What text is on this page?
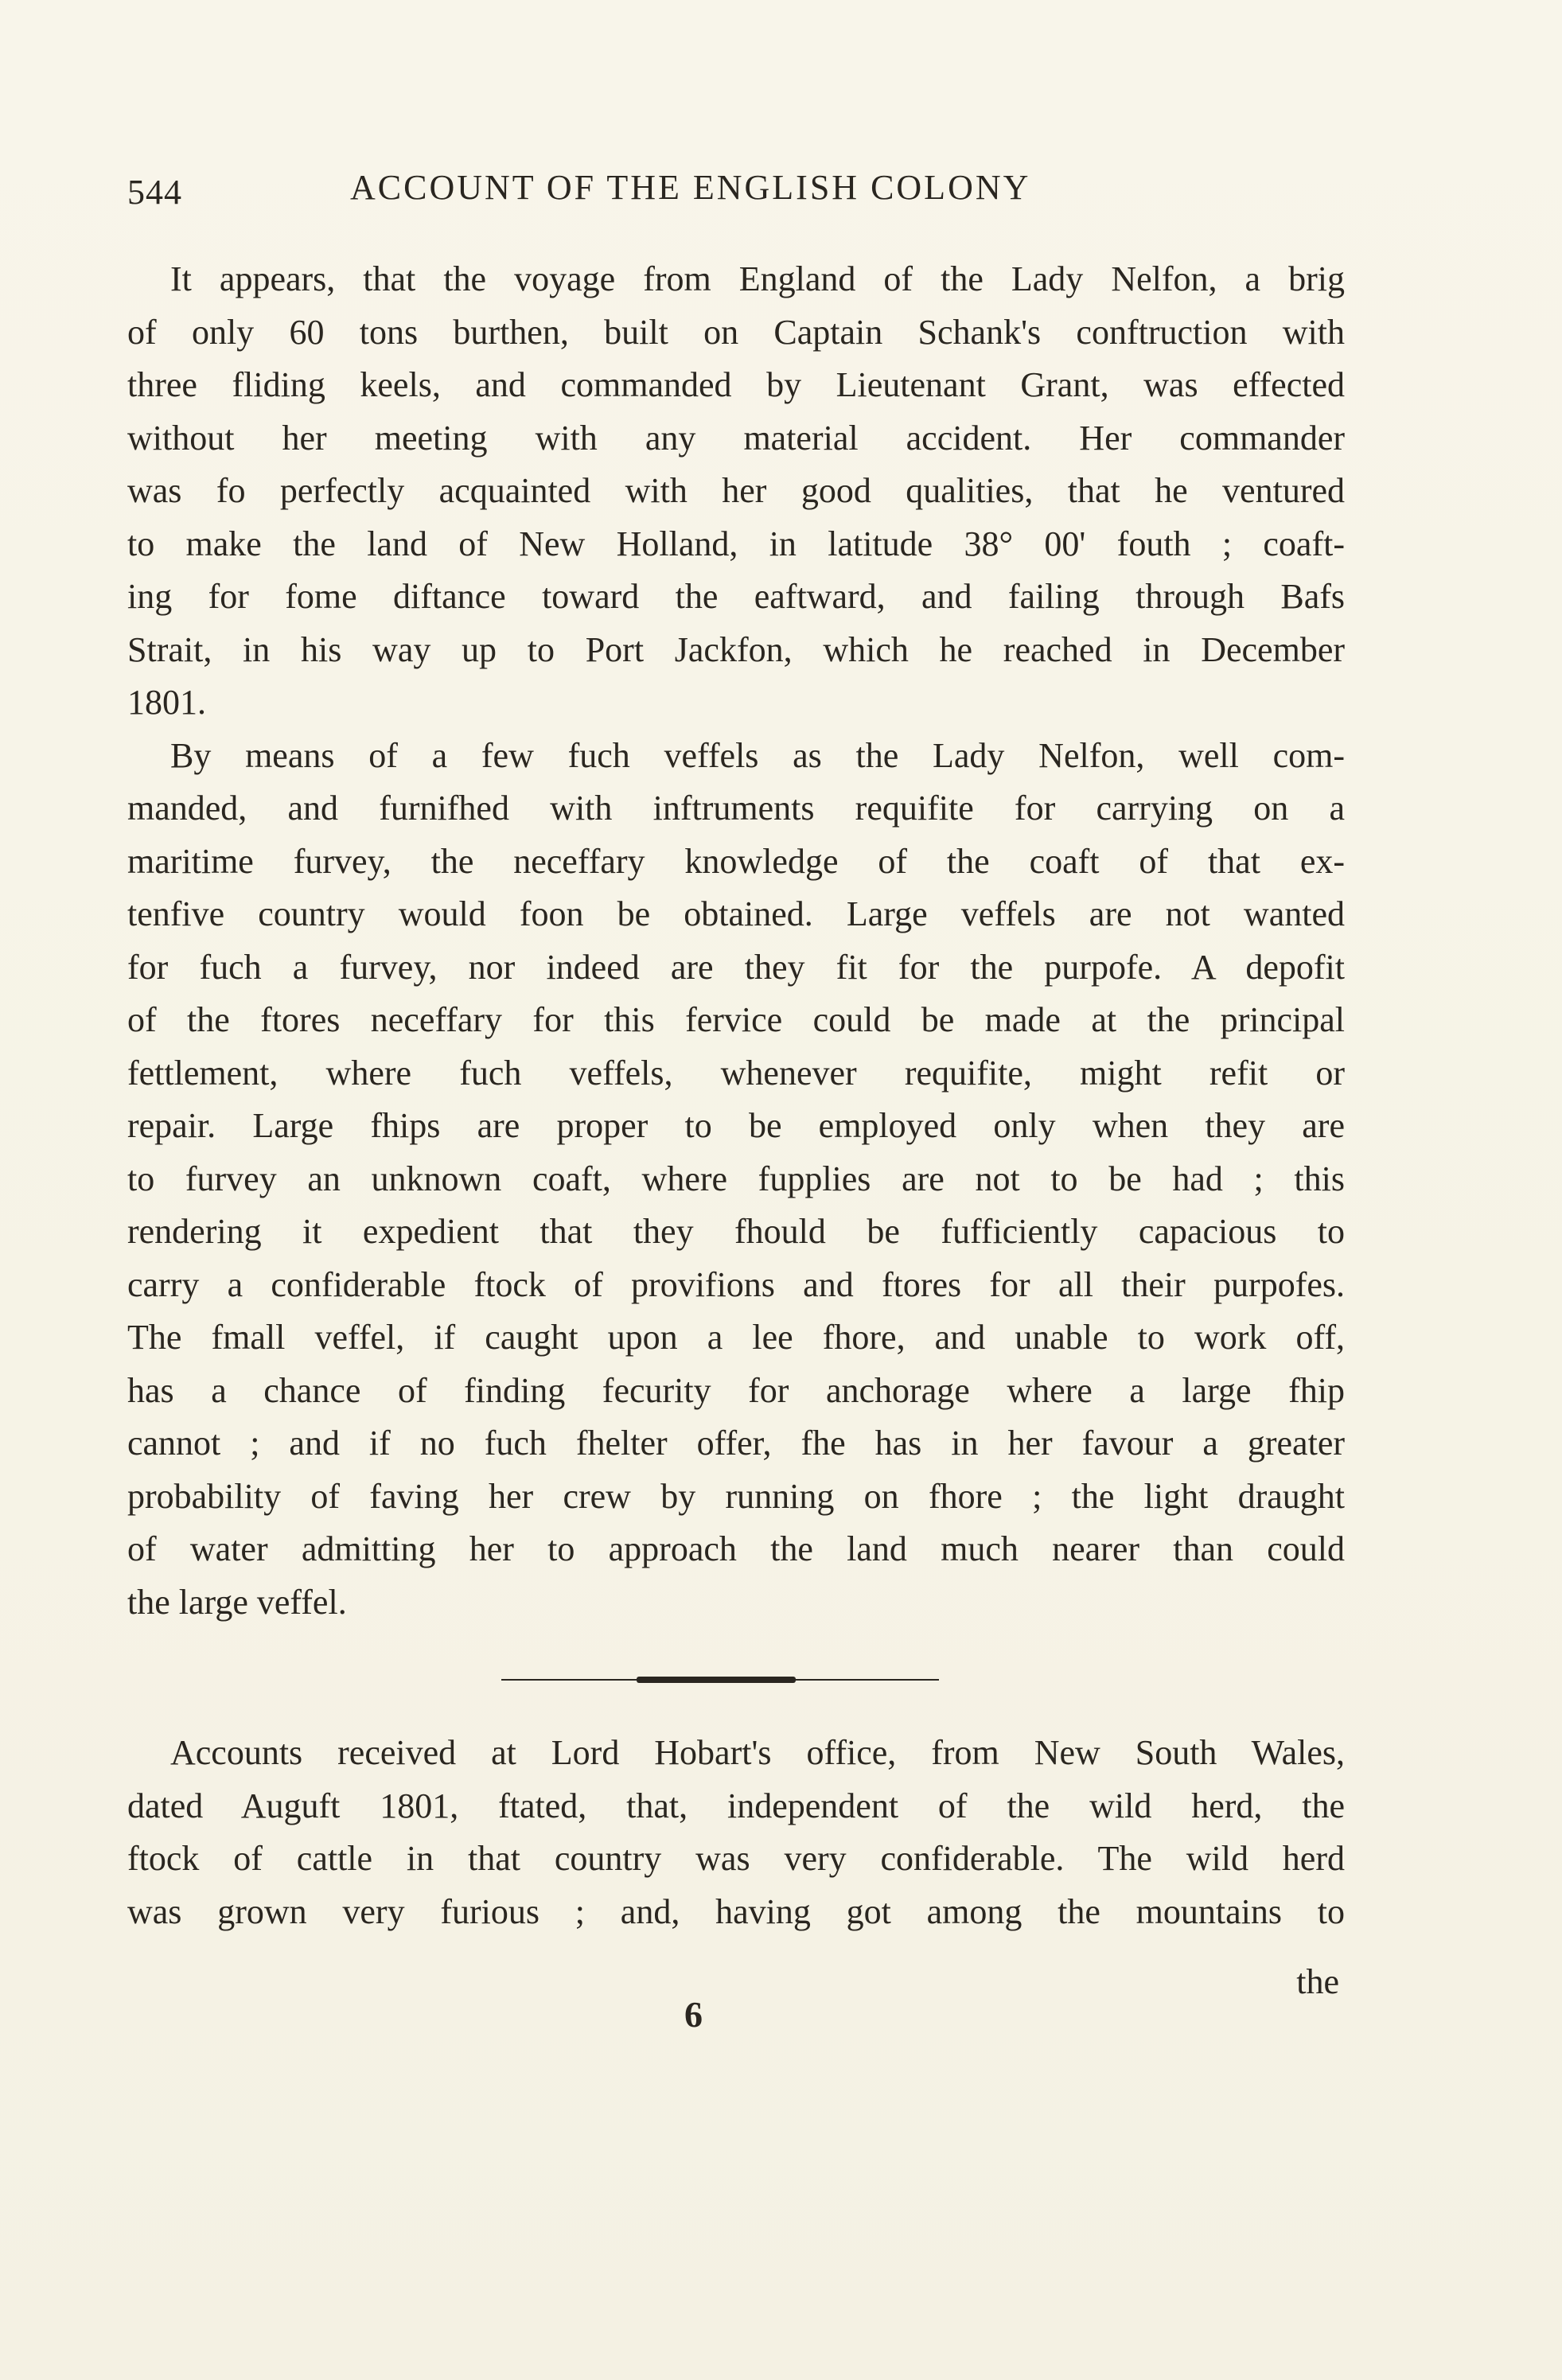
544	ACCOUNT OF THE ENGLISH COLONY
It appears, that the voyage from England of the Lady Nelfon, a brig
of only 60 tons burthen, built on Captain Schank's conftruction with
three fliding keels, and commanded by Lieutenant Grant, was effected
without her meeting with any material accident. Her commander
was fo perfectly acquainted with her good qualities, that he ventured
to make the land of New Holland, in latitude 38° 00' fouth ; coaft-
ing for fome diftance toward the eaftward, and failing through Bafs
Strait, in his way up to Port Jackfon, which he reached in December
1801.
By means of a few fuch veffels as the Lady Nelfon, well com-
manded, and furnifhed with inftruments requifite for carrying on a
maritime furvey, the neceffary knowledge of the coaft of that ex-
tenfive country would foon be obtained. Large veffels are not wanted
for fuch a furvey, nor indeed are they fit for the purpofe. A depofit
of the ftores neceffary for this fervice could be made at the principal
fettlement, where fuch veffels, whenever requifite, might refit or
repair. Large fhips are proper to be employed only when they are
to furvey an unknown coaft, where fupplies are not to be had ; this
rendering it expedient that they fhould be fufficiently capacious to
carry a confiderable ftock of provifions and ftores for all their purpofes.
The fmall veffel, if caught upon a lee fhore, and unable to work off,
has a chance of finding fecurity for anchorage where a large fhip
cannot ; and if no fuch fhelter offer, fhe has in her favour a greater
probability of faving her crew by running on fhore ; the light draught
of water admitting her to approach the land much nearer than could
the large veffel.
Accounts received at Lord Hobart's office, from New South Wales,
dated Auguft 1801, ftated, that, independent of the wild herd, the
ftock of cattle in that country was very confiderable. The wild herd
was grown very furious ; and, having got among the mountains to
the
6
